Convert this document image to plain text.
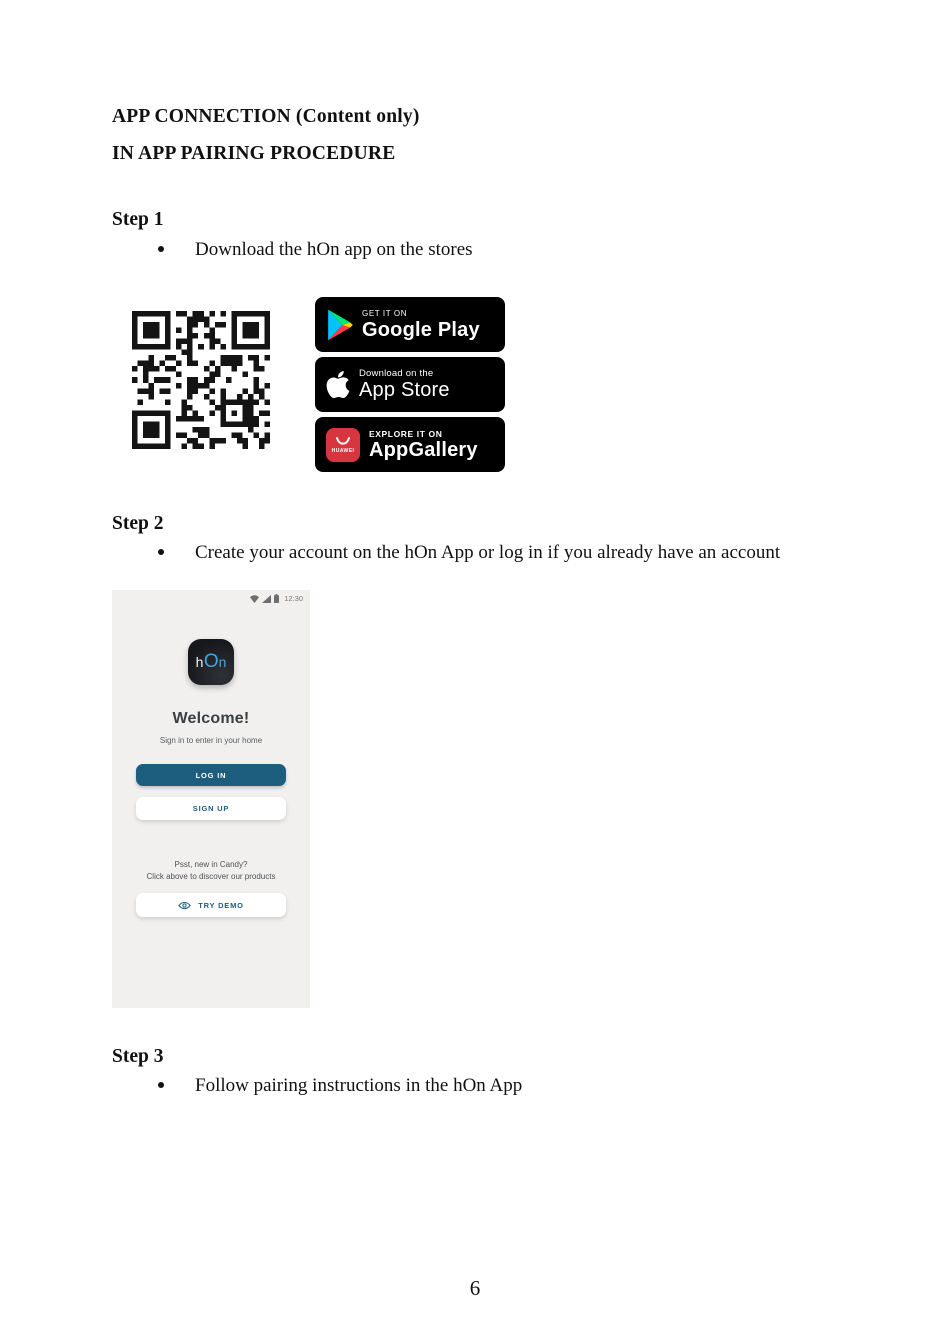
APP CONNECTION (Content only)
IN APP PAIRING PROCEDURE
Step 1
Download the hOn app on the stores
GET IT ON
Google Play
Download on the
App Store
HUAWEI
EXPLORE IT ON
AppGallery
Step 2
Create your account on the hOn App or log in if you already have an account
12:30
h O n
Welcome!
Sign in to enter in your home
LOG IN
SIGN UP
Psst, new in Candy?
Click above to discover our products
TRY DEMO
Step 3
Follow pairing instructions in the hOn App
6
